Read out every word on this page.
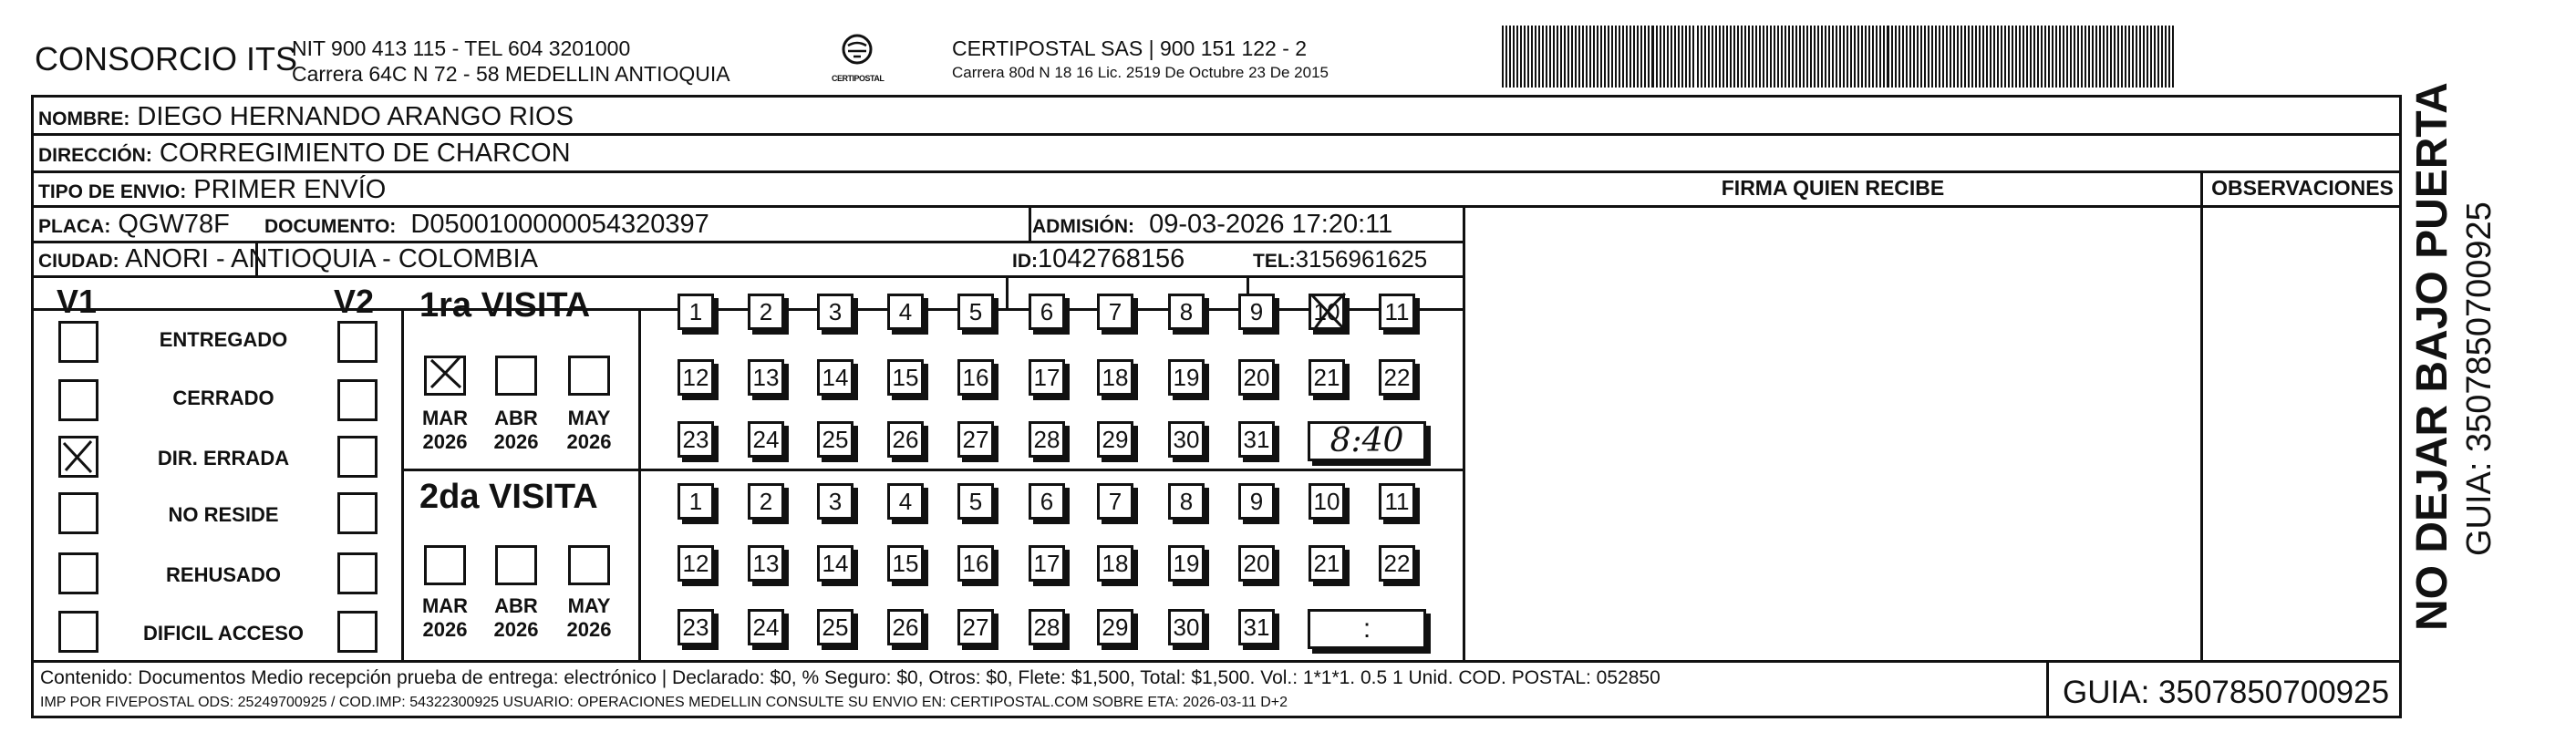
CONSORCIO ITS
NIT 900 413 115 - TEL 604 3201000
Carrera 64C N 72 - 58 MEDELLIN ANTIOQUIA	CERTIPOSTAL
CERTIPOSTAL SAS | 900 151 122 - 2
Carrera 80d N 18 16 Lic. 2519 De Octubre 23 De 2015
NOMBRE: DIEGO HERNANDO ARANGO RIOS
DIRECCIÓN: CORREGIMIENTO DE CHARCON
TIPO DE ENVIO: PRIMER ENVÍO
PLACA: QGW78F DOCUMENTO: D0500100000054320397	ADMISIÓN: 09-03-2026 17:20:11
CIUDAD: ANORI - ANTIOQUIA - COLOMBIA	ID:1042768156	TEL:3156961625
FIRMA QUIEN RECIBE	OBSERVACIONES
V1	V2
ENTREGADO
CERRADO
DIR. ERRADA
NO RESIDE
REHUSADO
DIFICIL ACCESO
1ra VISITA
2da VISITA
1	2	3	4	5	6	7	8	9	10 11
12 13 14 15 16 17 18 19 20 21 22
23 24 25 26 27 28 29 30 31	8:40
MAR
2026
ABR
2026
MAY
2026
1	2	3	4	5	6	7	8	9	10 11
12 13 14 15 16 17 18 19 20 21 22
23 24 25 26 27 28 29 30 31	:
MAR
2026
ABR
2026
MAY
2026
Contenido: Documentos Medio recepción prueba de entrega: electrónico | Declarado: $0, % Seguro: $0, Otros: $0, Flete: $1,500, Total: $1,500. Vol.: 1*1*1. 0.5 1 Unid. COD. POSTAL: 052850
IMP POR FIVEPOSTAL ODS: 25249700925 / COD.IMP: 54322300925 USUARIO: OPERACIONES MEDELLIN CONSULTE SU ENVIO EN: CERTIPOSTAL.COM SOBRE ETA: 2026-03-11 D+2	GUIA: 3507850700925
NO DEJAR BAJO PUERTA GUIA: 3507850700925
